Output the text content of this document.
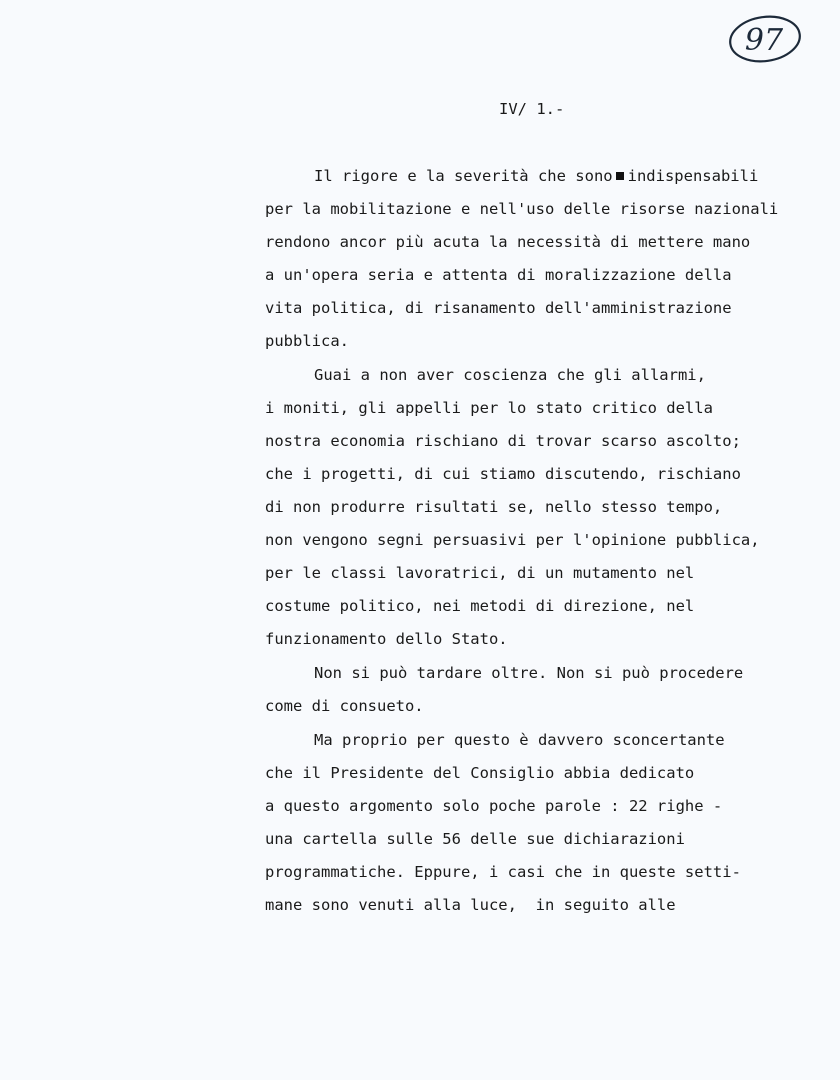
97
IV/ 1.-
Il rigore e la severità che sono indispensabili
per la mobilitazione e nell'uso delle risorse nazionali
rendono ancor più acuta la necessità di mettere mano
a un'opera seria e attenta di moralizzazione della
vita politica, di risanamento dell'amministrazione
pubblica.
Guai a non aver coscienza che gli allarmi,
i moniti, gli appelli per lo stato critico della
nostra economia rischiano di trovar scarso ascolto;
che i progetti, di cui stiamo discutendo, rischiano
di non produrre risultati se, nello stesso tempo,
non vengono segni persuasivi per l'opinione pubblica,
per le classi lavoratrici, di un mutamento nel
costume politico, nei metodi di direzione, nel
funzionamento dello Stato.
Non si può tardare oltre. Non si può procedere
come di consueto.
Ma proprio per questo è davvero sconcertante
che il Presidente del Consiglio abbia dedicato
a questo argomento solo poche parole : 22 righe -
una cartella sulle 56 delle sue dichiarazioni
programmatiche. Eppure, i casi che in queste setti-
mane sono venuti alla luce,  in seguito alle
